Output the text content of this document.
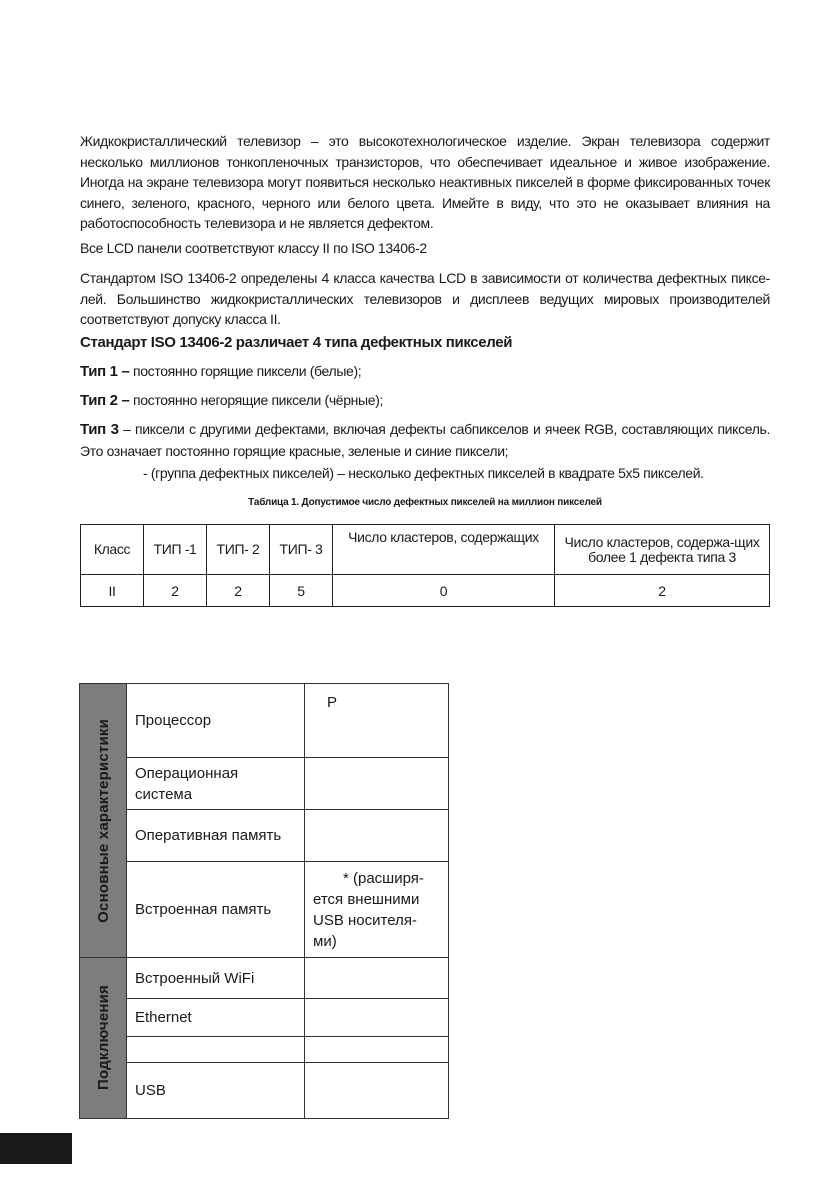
Жидкокристаллический телевизор – это высокотехнологическое изделие. Экран телевизора содержит несколько миллионов тонкопленочных транзисторов, что обеспечивает идеальное и живое изображение. Иногда на экране телевизора могут появиться несколько неактивных пикселей в форме фиксированных точек синего, зеленого, красного, черного или белого цвета. Имейте в виду, что это не оказывает влияния на работоспособность телевизора и не является дефектом.

Все LCD панели соответствуют классу II по ISO 13406-2

Стандартом ISO 13406-2 определены 4 класса качества LCD в зависимости от количества дефектных пиксе-лей. Большинство жидкокристаллических телевизоров и дисплеев ведущих мировых производителей соответствуют допуску класса II.

Стандарт ISO 13406-2 различает 4 типа дефектных пикселей
Тип 1 – постоянно горящие пиксели (белые);
Тип 2 – постоянно негорящие пиксели (чёрные);

Тип 3 – пиксели с другими дефектами, включая дефекты сабпикселов и ячеек RGB, составляющих пиксель. Это означает постоянно горящие красные, зеленые и синие пиксели;

- (группа дефектных пикселей) – несколько дефектных пикселей в квадрате 5х5 пикселей.
Таблица 1. Допустимое число дефектных пикселей на миллион пикселей
Класс	ТИП -1	ТИП- 2	ТИП- 3	Число кластеров, содержащих	Число кластеров, содержа-щих более 1 дефекта типа 3
II	2	2	5	0	2
Основные характеристики	Процессор	Р
	Операционная система	
	Оперативная память	
	Встроенная память	* (расширя-ется внешними USB носителя-ми)

Подключения	Встроенный WiFi	
	Ethernet	

	USB	
